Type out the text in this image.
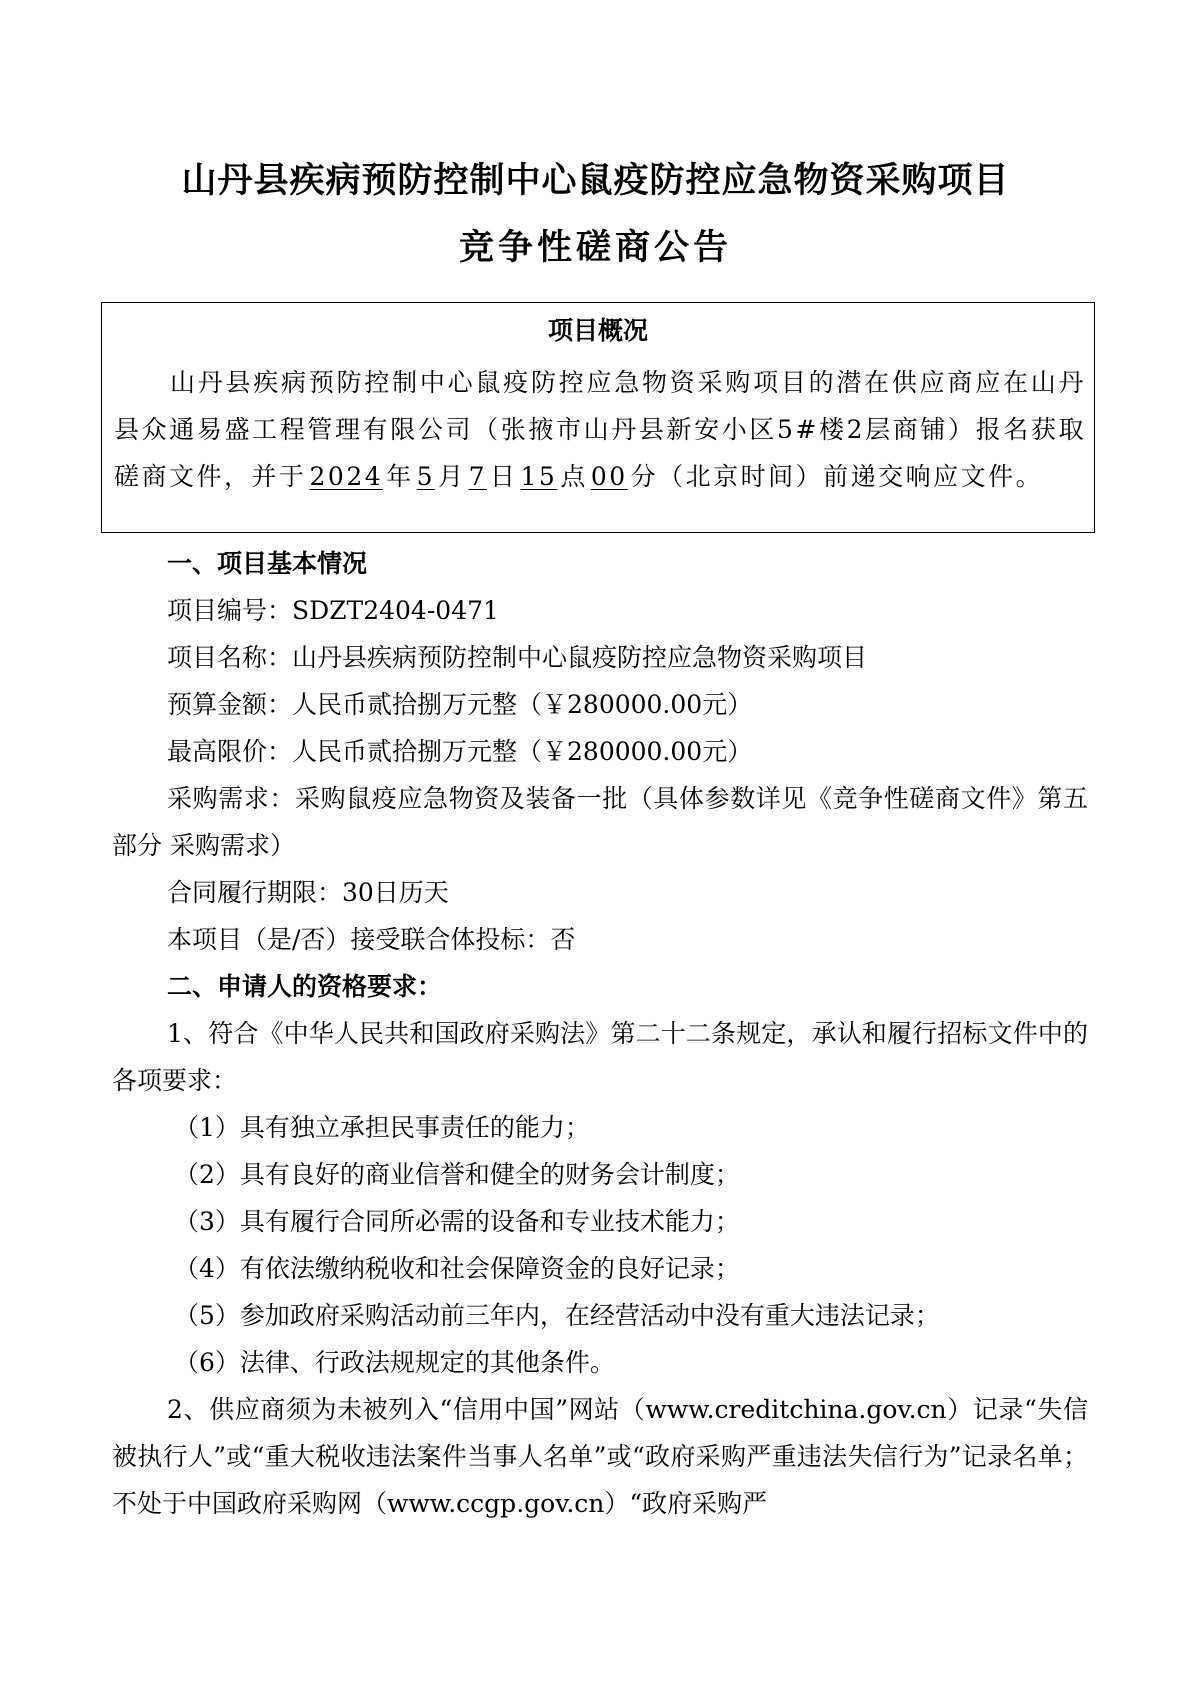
山丹县疾病预防控制中心鼠疫防控应急物资采购项目
竞争性磋商公告
项目概况
山丹县疾病预防控制中心鼠疫防控应急物资采购项目的潜在供应商应在山丹县众通易盛工程管理有限公司（张掖市山丹县新安小区5#楼2层商铺）报名获取磋商文件，并于 2024 年 5 月 7 日 15 点 00 分（北京时间）前递交响应文件。
一、项目基本情况
项目编号：SDZT2404-0471
项目名称：山丹县疾病预防控制中心鼠疫防控应急物资采购项目
预算金额：人民币贰拾捌万元整（￥280000.00元）
最高限价：人民币贰拾捌万元整（￥280000.00元）
采购需求：采购鼠疫应急物资及装备一批（具体参数详见《竞争性磋商文件》第五部分 采购需求）
合同履行期限：30日历天
本项目（是/否）接受联合体投标：否
二、申请人的资格要求：
1、符合《中华人民共和国政府采购法》第二十二条规定，承认和履行招标文件中的各项要求：
（1）具有独立承担民事责任的能力；
（2）具有良好的商业信誉和健全的财务会计制度；
（3）具有履行合同所必需的设备和专业技术能力；
（4）有依法缴纳税收和社会保障资金的良好记录；
（5）参加政府采购活动前三年内，在经营活动中没有重大违法记录；
（6）法律、行政法规规定的其他条件。
2、供应商须为未被列入“信用中国”网站（www.creditchina.gov.cn）记录“失信被执行人”或“重大税收违法案件当事人名单”或“政府采购严重违法失信行为”记录名单；不处于中国政府采购网（www.ccgp.gov.cn）“政府采购严
